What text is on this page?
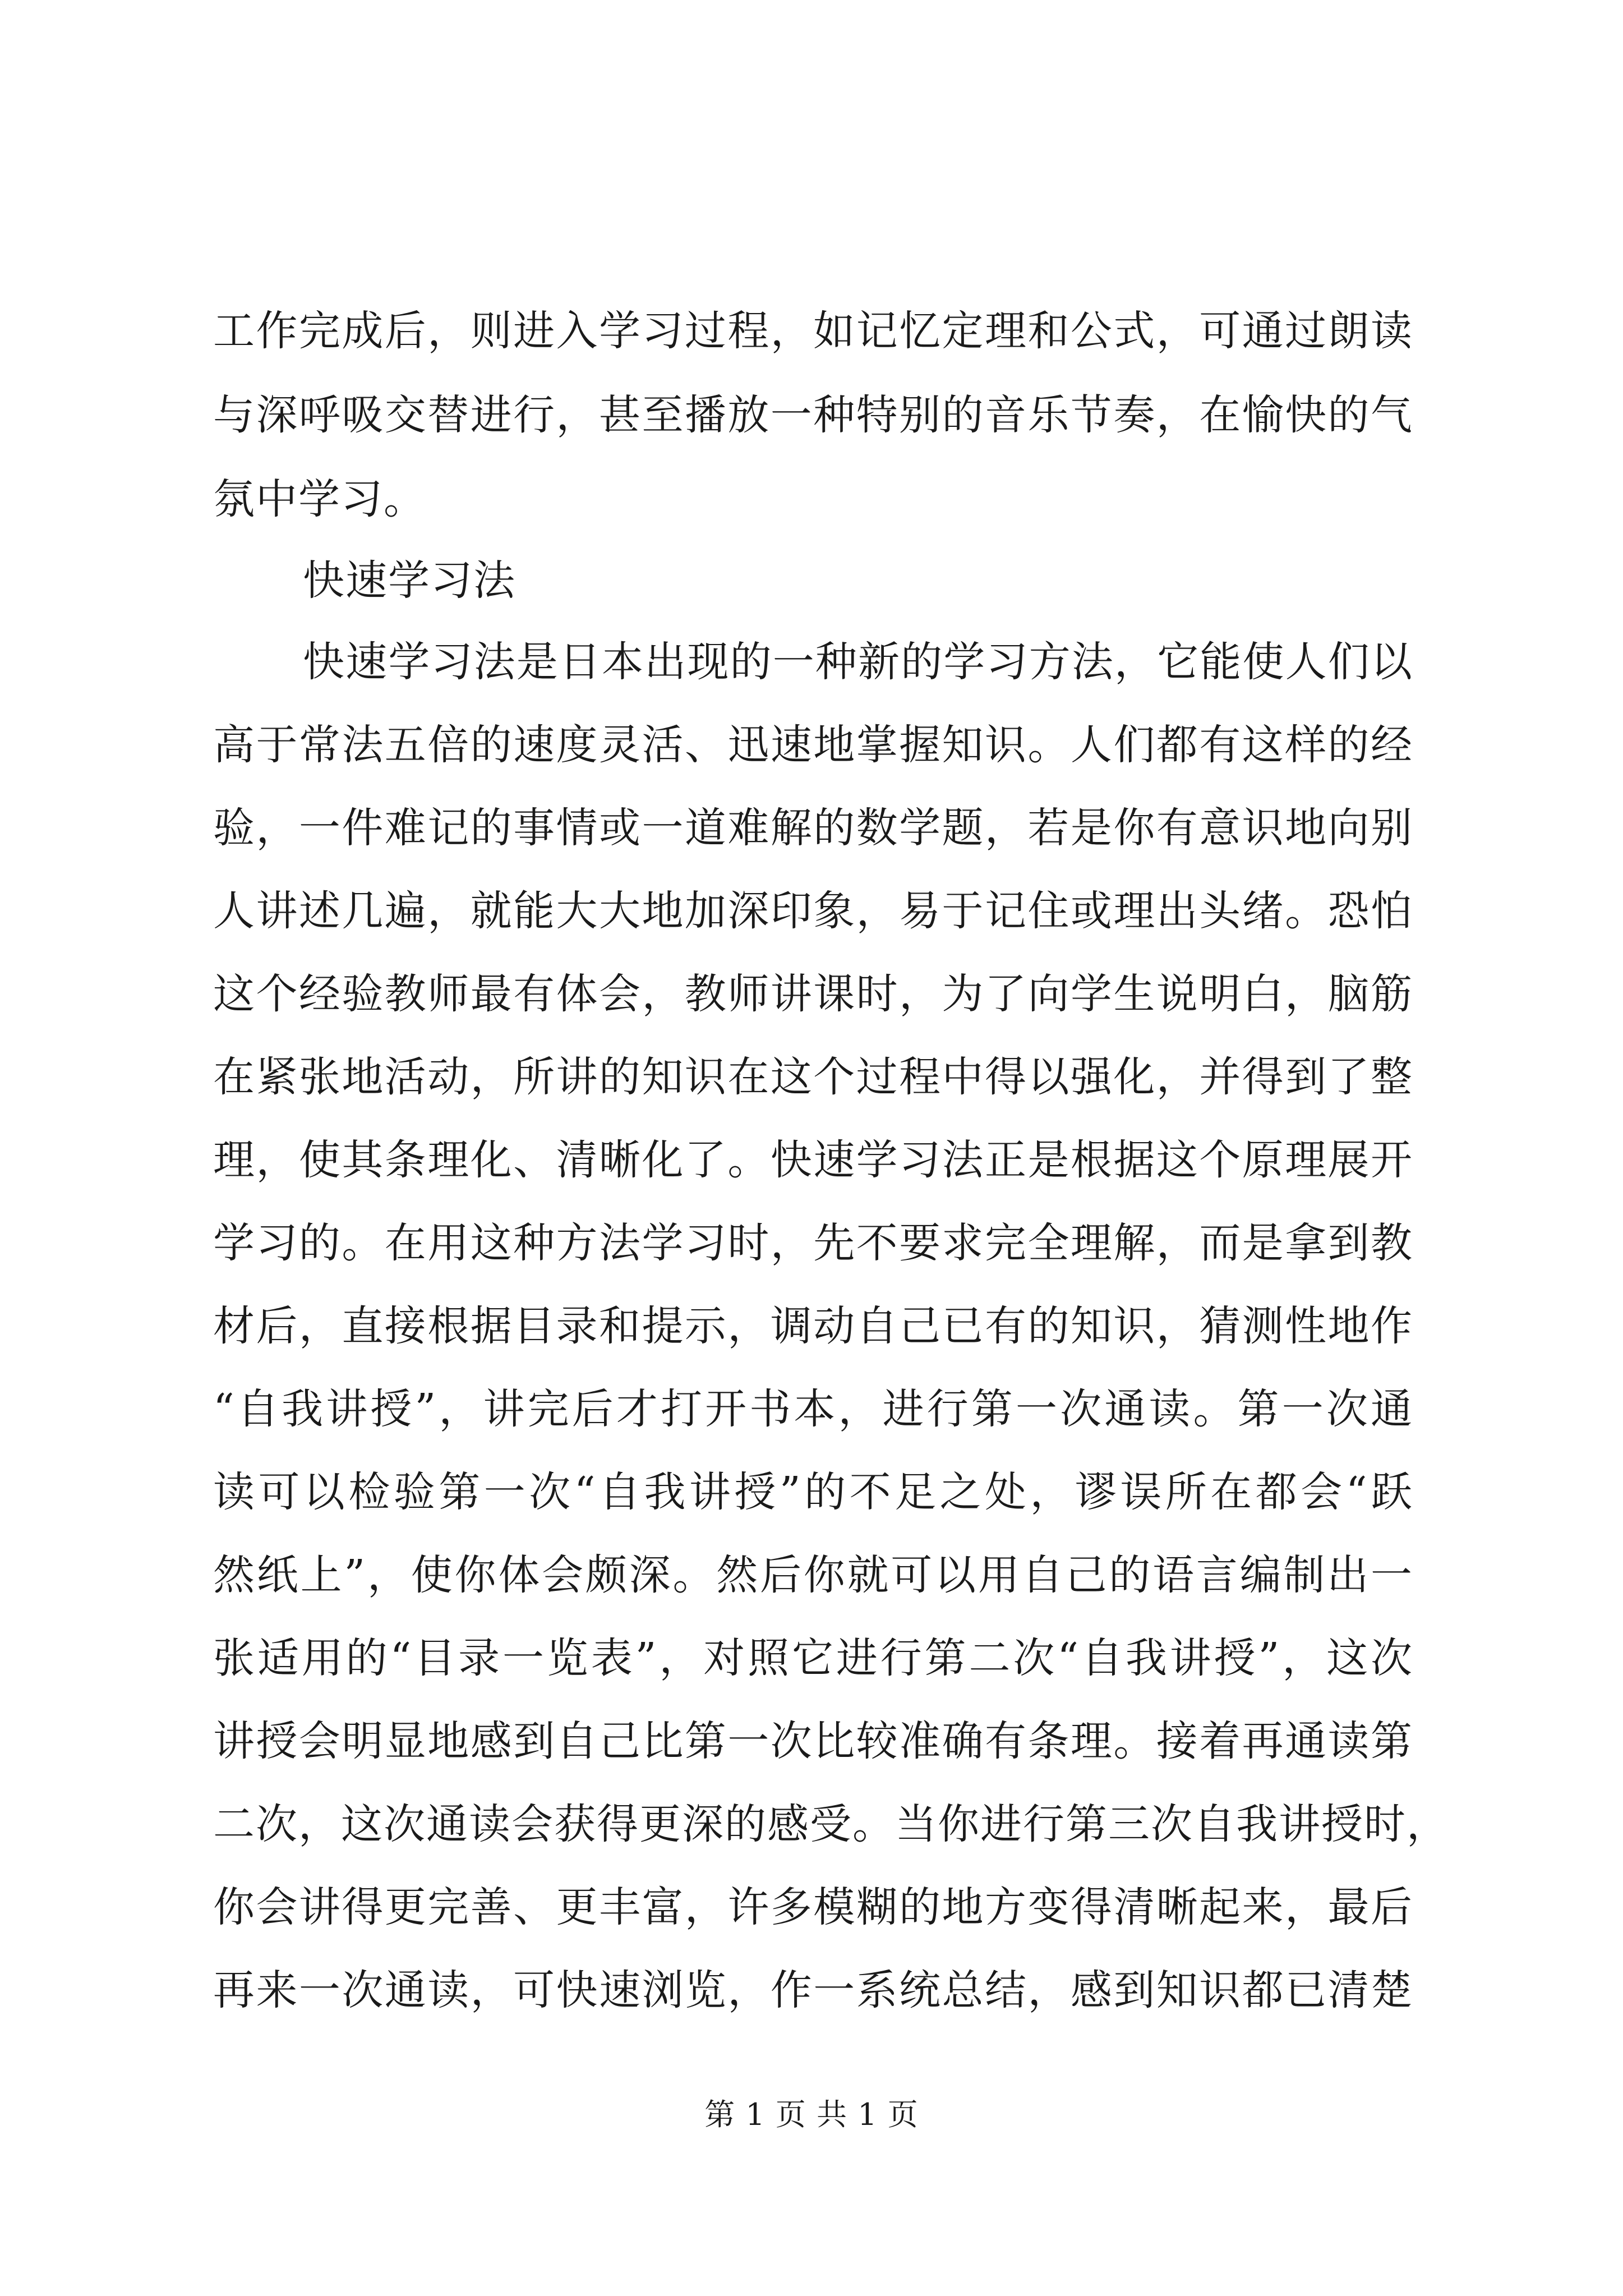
工作完成后，则进入学习过程，如记忆定理和公式，可通过朗读
与深呼吸交替进行，甚至播放一种特别的音乐节奏，在愉快的气
氛中学习。
快速学习法
快速学习法是日本出现的一种新的学习方法，它能使人们以
高于常法五倍的速度灵活、迅速地掌握知识。人们都有这样的经
验，一件难记的事情或一道难解的数学题，若是你有意识地向别
人讲述几遍，就能大大地加深印象，易于记住或理出头绪。恐怕
这个经验教师最有体会，教师讲课时，为了向学生说明白，脑筋
在紧张地活动，所讲的知识在这个过程中得以强化，并得到了整
理，使其条理化、清晰化了。快速学习法正是根据这个原理展开
学习的。在用这种方法学习时，先不要求完全理解，而是拿到教
材后，直接根据目录和提示，调动自己已有的知识，猜测性地作
“自我讲授”，讲完后才打开书本，进行第一次通读。第一次通
读可以检验第一次“自我讲授”的不足之处，谬误所在都会“跃
然纸上”，使你体会颇深。然后你就可以用自己的语言编制出一
张适用的“目录一览表”，对照它进行第二次“自我讲授”，这次
讲授会明显地感到自己比第一次比较准确有条理。接着再通读第
二次，这次通读会获得更深的感受。当你进行第三次自我讲授时，
你会讲得更完善、更丰富，许多模糊的地方变得清晰起来，最后
再来一次通读，可快速浏览，作一系统总结，感到知识都已清楚
第 1 页 共 1 页
